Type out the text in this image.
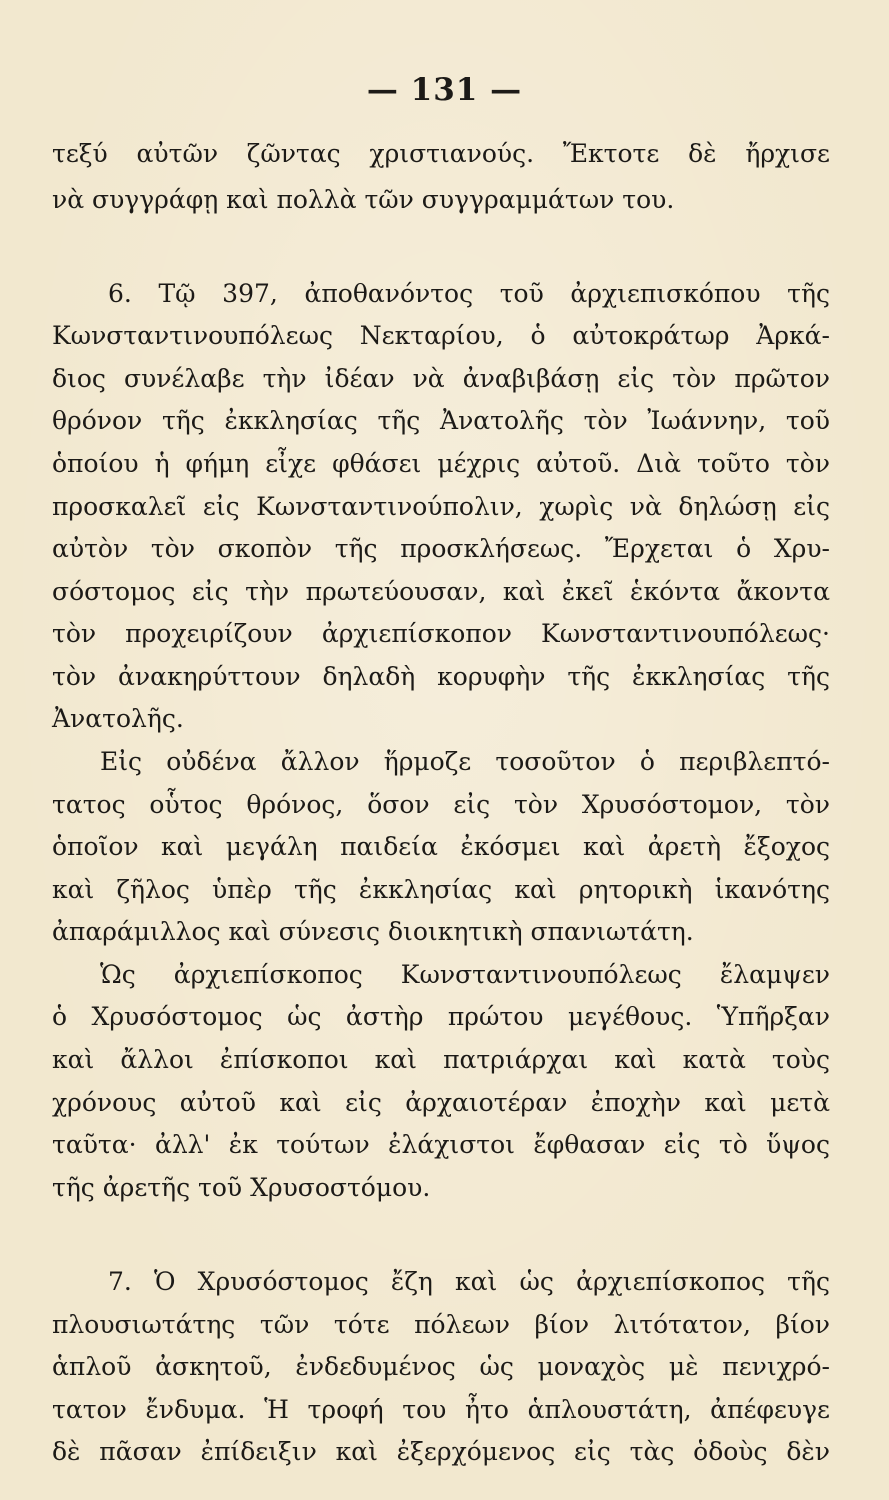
— 131 —
τεξύ αὐτῶν ζῶντας χριστιανούς. Ἔκτοτε δὲ ἤρχισε
νὰ συγγράφῃ καὶ πολλὰ τῶν συγγραμμάτων του.
6. Τῷ 397, ἀποθανόντος τοῦ ἀρχιεπισκόπου τῆς
Κωνσταντινουπόλεως Νεκταρίου, ὁ αὐτοκράτωρ Ἀρκά-
διος συνέλαβε τὴν ἰδέαν νὰ ἀναβιβάσῃ εἰς τὸν πρῶτον
θρόνον τῆς ἐκκλησίας τῆς Ἀνατολῆς τὸν Ἰωάννην, τοῦ
ὁποίου ἡ φήμη εἶχε φθάσει μέχρις αὐτοῦ. Διὰ τοῦτο τὸν
προσκαλεῖ εἰς Κωνσταντινούπολιν, χωρὶς νὰ δηλώσῃ εἰς
αὐτὸν τὸν σκοπὸν τῆς προσκλήσεως. Ἔρχεται ὁ Χρυ-
σόστομος εἰς τὴν πρωτεύουσαν, καὶ ἐκεῖ ἑκόντα ἄκοντα
τὸν προχειρίζουν ἀρχιεπίσκοπον Κωνσταντινουπόλεως·
τὸν ἀνακηρύττουν δηλαδὴ κορυφὴν τῆς ἐκκλησίας τῆς
Ἀνατολῆς.
Εἰς οὐδένα ἄλλον ἥρμοζε τοσοῦτον ὁ περιβλεπτό-
τατος οὗτος θρόνος, ὅσον εἰς τὸν Χρυσόστομον, τὸν
ὁποῖον καὶ μεγάλη παιδεία ἐκόσμει καὶ ἀρετὴ ἔξοχος
καὶ ζῆλος ὑπὲρ τῆς ἐκκλησίας καὶ ρητορικὴ ἱκανότης
ἀπαράμιλλος καὶ σύνεσις διοικητικὴ σπανιωτάτη.
Ὡς ἀρχιεπίσκοπος Κωνσταντινουπόλεως ἔλαμψεν
ὁ Χρυσόστομος ὡς ἀστὴρ πρώτου μεγέθους. Ὑπῆρξαν
καὶ ἄλλοι ἐπίσκοποι καὶ πατριάρχαι καὶ κατὰ τοὺς
χρόνους αὐτοῦ καὶ εἰς ἀρχαιοτέραν ἐποχὴν καὶ μετὰ
ταῦτα· ἀλλ' ἐκ τούτων ἐλάχιστοι ἔφθασαν εἰς τὸ ὕψος
τῆς ἀρετῆς τοῦ Χρυσοστόμου.
7. Ὁ Χρυσόστομος ἔζη καὶ ὡς ἀρχιεπίσκοπος τῆς
πλουσιωτάτης τῶν τότε πόλεων βίον λιτότατον, βίον
ἁπλοῦ ἀσκητοῦ, ἐνδεδυμένος ὡς μοναχὸς μὲ πενιχρό-
τατον ἔνδυμα. Ἡ τροφή του ἦτο ἁπλουστάτη, ἀπέφευγε
δὲ πᾶσαν ἐπίδειξιν καὶ ἐξερχόμενος εἰς τὰς ὁδοὺς δὲν
